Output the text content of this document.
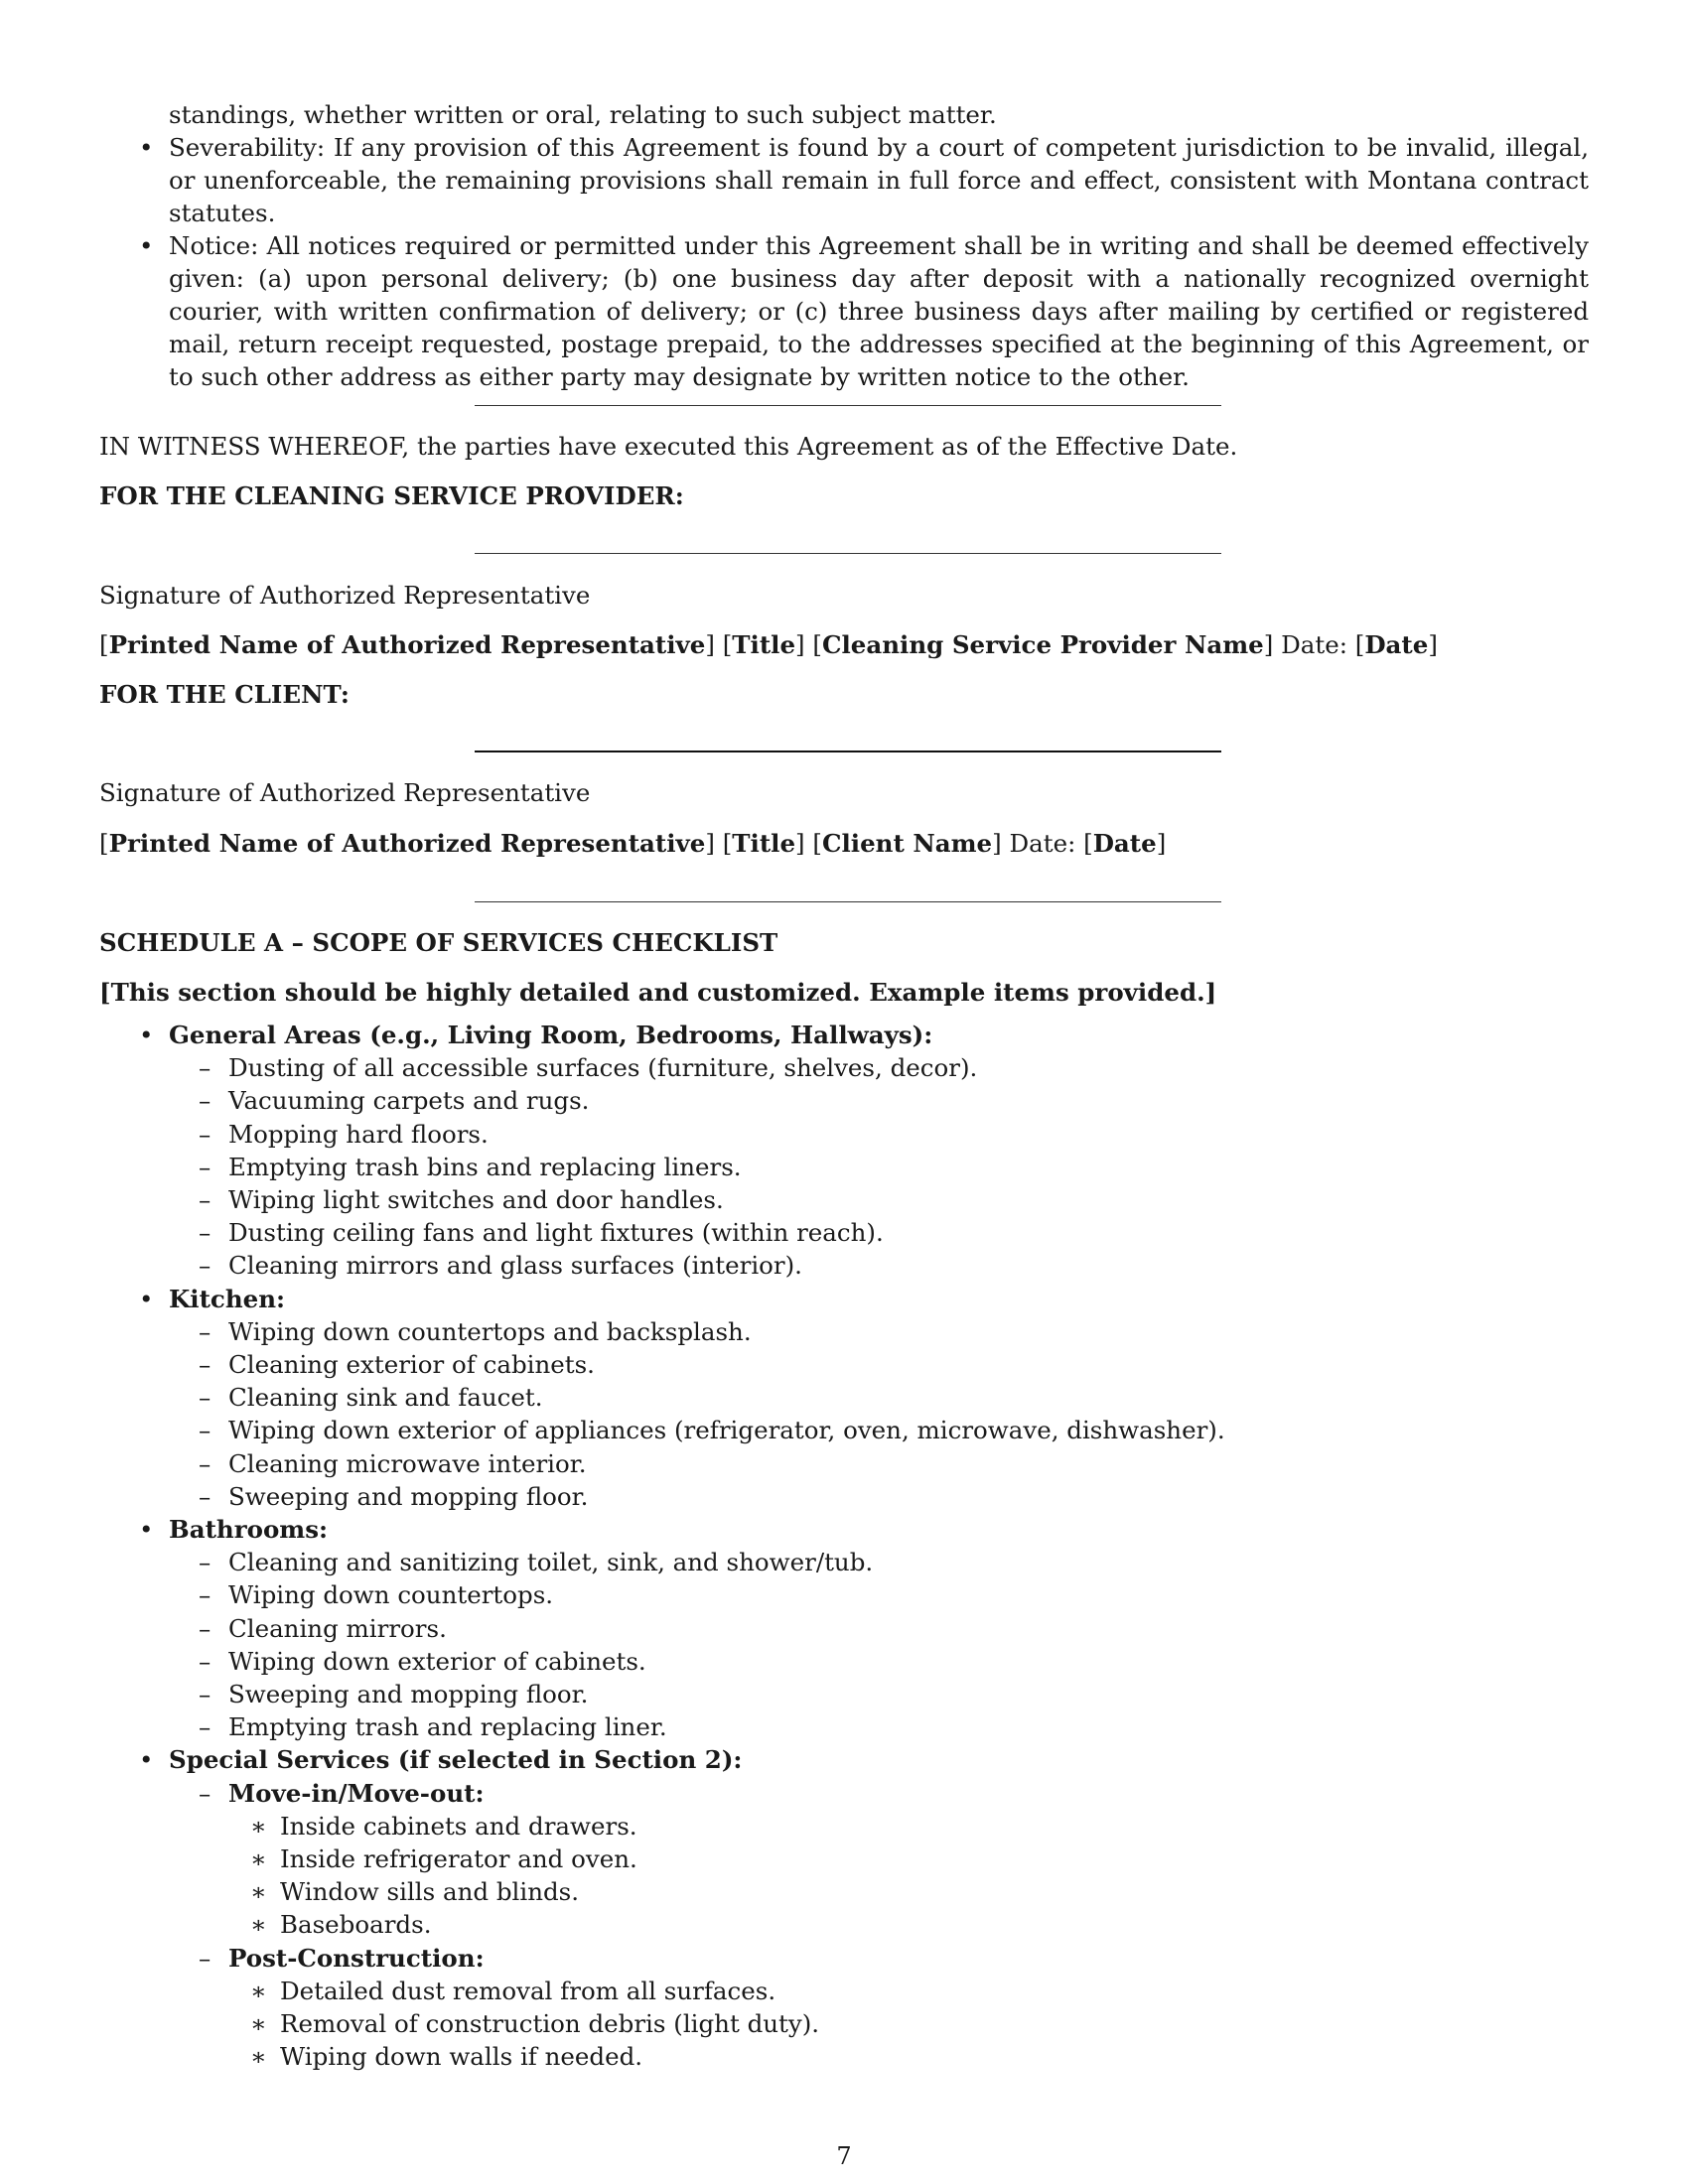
standings, whether written or oral, relating to such subject matter.
• Severability: If any provision of this Agreement is found by a court of competent jurisdiction to be invalid, illegal, or unenforceable, the remaining provisions shall remain in full force and effect, consistent with Montana contract statutes.
• Notice: All notices required or permitted under this Agreement shall be in writing and shall be deemed effectively given: (a) upon personal delivery; (b) one business day after deposit with a nationally recognized overnight courier, with written confirmation of delivery; or (c) three business days after mailing by certified or registered mail, return receipt requested, postage prepaid, to the addresses specified at the beginning of this Agreement, or to such other address as either party may designate by written notice to the other.
IN WITNESS WHEREOF, the parties have executed this Agreement as of the Effective Date.
FOR THE CLEANING SERVICE PROVIDER:
Signature of Authorized Representative
[Printed Name of Authorized Representative] [Title] [Cleaning Service Provider Name] Date: [Date]
FOR THE CLIENT:
Signature of Authorized Representative
[Printed Name of Authorized Representative] [Title] [Client Name] Date: [Date]
SCHEDULE A – SCOPE OF SERVICES CHECKLIST
[This section should be highly detailed and customized. Example items provided.]
• General Areas (e.g., Living Room, Bedrooms, Hallways):
– Dusting of all accessible surfaces (furniture, shelves, decor).
– Vacuuming carpets and rugs.
– Mopping hard floors.
– Emptying trash bins and replacing liners.
– Wiping light switches and door handles.
– Dusting ceiling fans and light fixtures (within reach).
– Cleaning mirrors and glass surfaces (interior).
• Kitchen:
– Wiping down countertops and backsplash.
– Cleaning exterior of cabinets.
– Cleaning sink and faucet.
– Wiping down exterior of appliances (refrigerator, oven, microwave, dishwasher).
– Cleaning microwave interior.
– Sweeping and mopping floor.
• Bathrooms:
– Cleaning and sanitizing toilet, sink, and shower/tub.
– Wiping down countertops.
– Cleaning mirrors.
– Wiping down exterior of cabinets.
– Sweeping and mopping floor.
– Emptying trash and replacing liner.
• Special Services (if selected in Section 2):
– Move-in/Move-out:
∗ Inside cabinets and drawers.
∗ Inside refrigerator and oven.
∗ Window sills and blinds.
∗ Baseboards.
– Post-Construction:
∗ Detailed dust removal from all surfaces.
∗ Removal of construction debris (light duty).
∗ Wiping down walls if needed.
7
